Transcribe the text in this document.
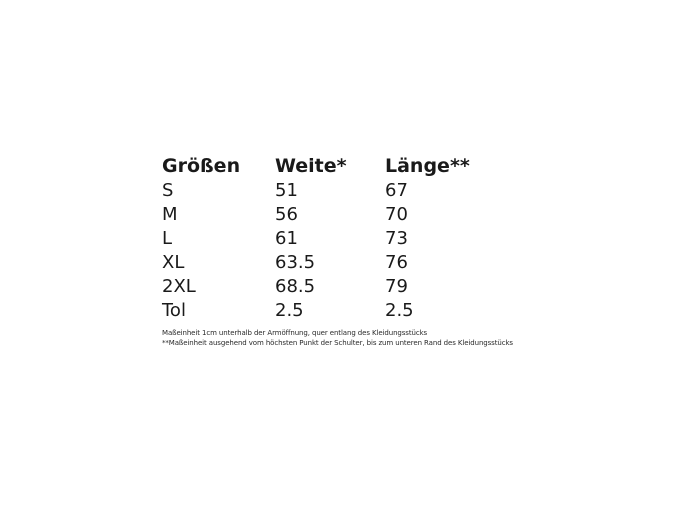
Größen	Weite*	Länge**
S	51	67
M	56	70
L	61	73
XL	63.5	76
2XL	68.5	79
Tol	2.5	2.5
Maßeinheit 1cm unterhalb der Armöffnung, quer entlang des Kleidungsstücks
**Maßeinheit ausgehend vom höchsten Punkt der Schulter, bis zum unteren Rand des Kleidungsstücks
